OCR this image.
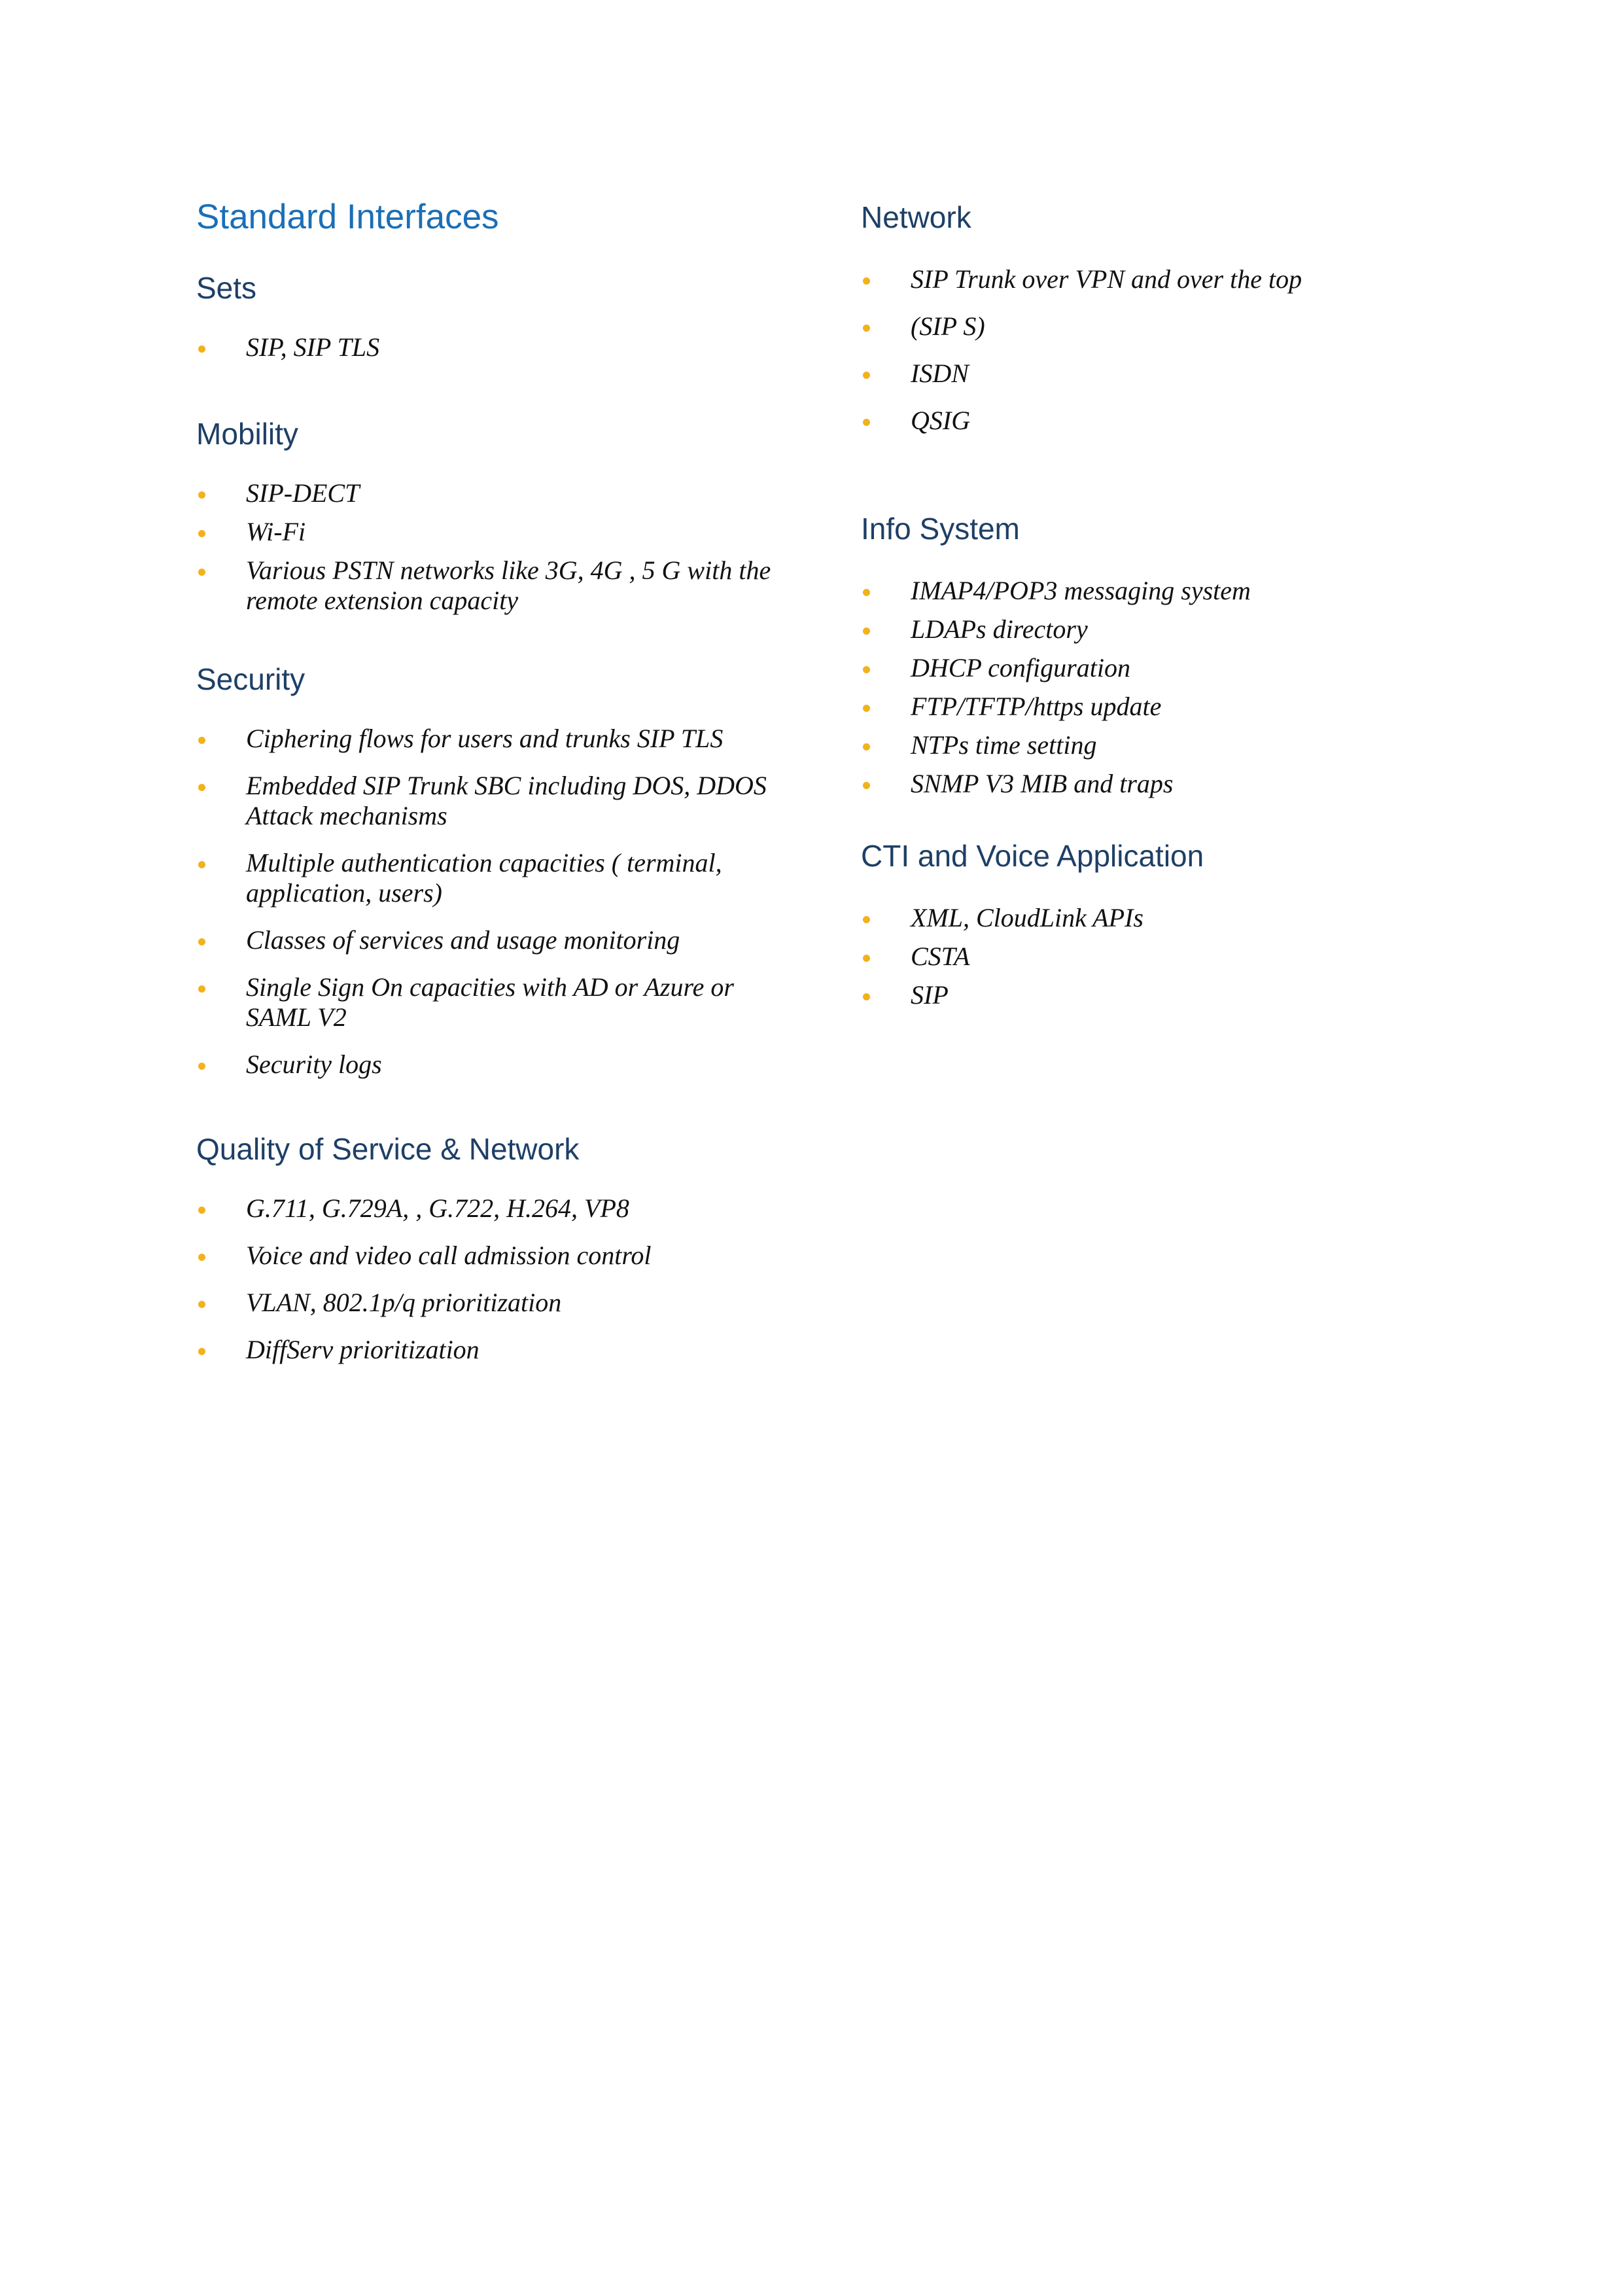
Standard Interfaces
Sets
SIP, SIP TLS
Mobility
SIP-DECT
Wi-Fi
Various PSTN networks like 3G, 4G , 5 G with the remote extension capacity
Security
Ciphering flows for users and trunks SIP TLS
Embedded SIP Trunk SBC including DOS, DDOS Attack mechanisms
Multiple authentication capacities ( terminal, application, users)
Classes of services and usage monitoring
Single Sign On capacities with AD or Azure or SAML V2
Security logs
Quality of Service & Network
G.711, G.729A, , G.722, H.264, VP8
Voice and video call admission control
VLAN, 802.1p/q prioritization
DiffServ prioritization
Network
SIP Trunk over VPN and over the top
(SIP S)
ISDN
QSIG
Info System
IMAP4/POP3 messaging system
LDAPs directory
DHCP configuration
FTP/TFTP/https update
NTPs time setting
SNMP V3 MIB and traps
CTI and Voice Application
XML, CloudLink APIs
CSTA
SIP
